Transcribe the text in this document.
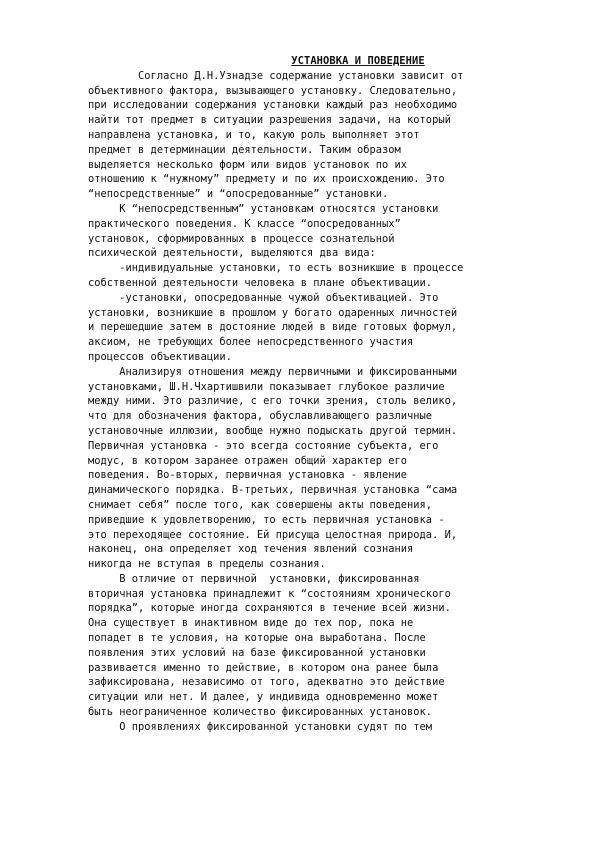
УСТАНОВКА И ПОВЕДЕНИЕ

Согласно Д.Н.Узнадзе содержание установки зависит от
объективного фактора, вызывающего установку. Следовательно,
при исследовании содержания установки каждый раз необходимо
найти тот предмет в ситуации разрешения задачи, на который
направлена установка, и то, какую роль выполняет этот
предмет в детерминации деятельности. Таким образом
выделяется несколько форм или видов установок по их
отношению к “нужному” предмету и по их происхождению. Это
“непосредственные” и “опосредованные” установки.
К “непосредственным” установкам относятся установки
практического поведения. К классе “опосредованных”
установок, сформированных в процессе сознательной
психической деятельности, выделяются два вида:
-индивидуальные установки, то есть возникшие в процессе
собственной деятельности человека в плане объективации.
-установки, опосредованные чужой объективацией. Это
установки, возникшие в прошлом у богато одаренных личностей
и перешедшие затем в достояние людей в виде готовых формул,
аксиом, не требующих более непосредственного участия
процессов объективации.
Анализируя отношения между первичными и фиксированными
установками, Ш.Н.Чхартишвили показывает глубокое различие
между ними. Это различие, с его точки зрения, столь велико,
что для обозначения фактора, обуславливающего различные
установочные иллюзии, вообще нужно подыскать другой термин.
Первичная установка - это всегда состояние субъекта, его
модус, в котором заранее отражен общий характер его
поведения. Во-вторых, первичная установка - явление
динамического порядка. В-третьих, первичная установка “сама
снимает себя” после того, как совершены акты поведения,
приведшие к удовлетворению, то есть первичная установка -
это переходящее состояние. Ей присуща целостная природа. И,
наконец, она определяет ход течения явлений сознания
никогда не вступая в пределы сознания.
В отличие от первичной  установки, фиксированная
вторичная установка принадлежит к “состояниям хронического
порядка”, которые иногда сохраняются в течение всей жизни.
Она существует в инактивном виде до тех пор, пока не
попадет в те условия, на которые она выработана. После
появления этих условий на базе фиксированной установки
развивается именно то действие, в котором она ранее была
зафиксирована, независимо от того, адекватно это действие
ситуации или нет. И далее, у индивида одновременно может
быть неограниченное количество фиксированных установок.
О проявлениях фиксированной установки судят по тем
